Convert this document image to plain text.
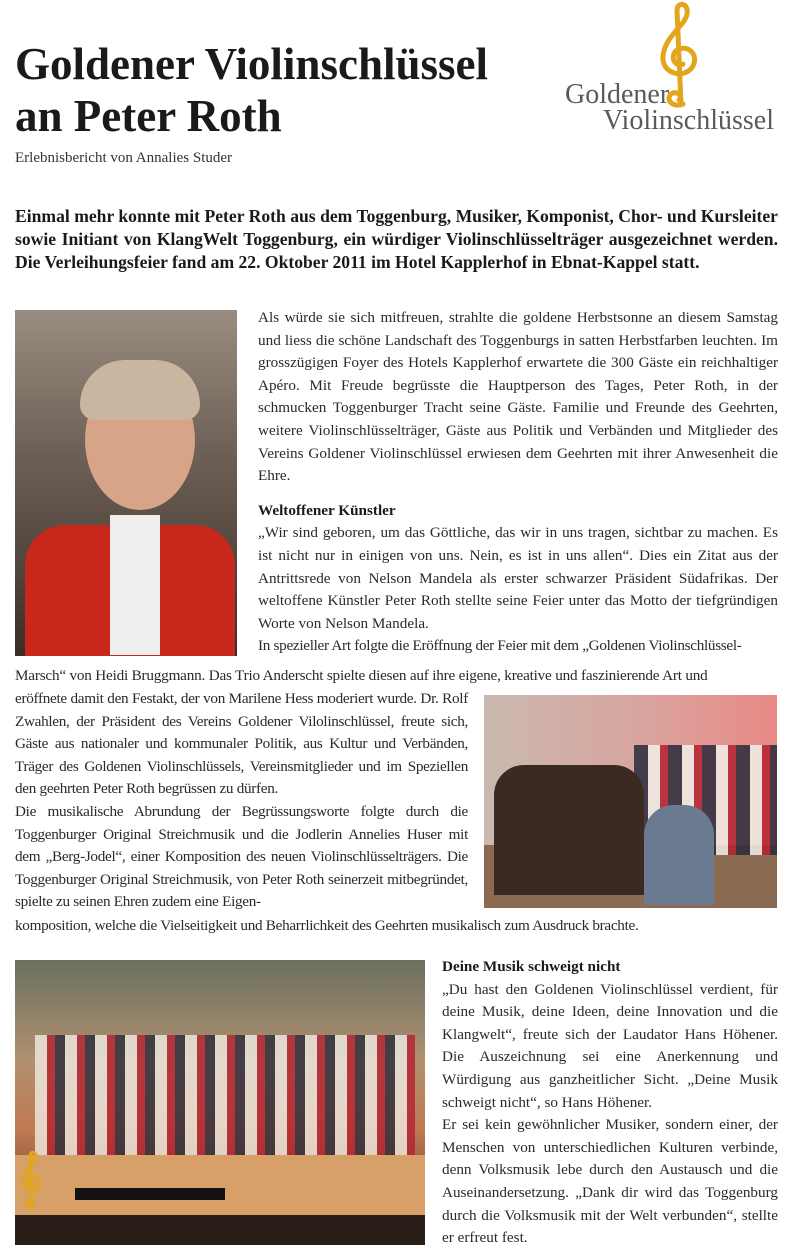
Goldener Violinschlüssel
an Peter Roth	Goldener
Violinschlüssel
Erlebnisbericht von Annalies Studer

Einmal mehr konnte mit Peter Roth aus dem Toggenburg, Musiker, Komponist, Chor- und Kursleiter sowie Initiant von KlangWelt Toggenburg, ein würdiger Violinschlüsselträger ausgezeichnet werden. Die Verleihungsfeier fand am 22. Oktober 2011 im Hotel Kapplerhof in Ebnat-Kappel statt.

Als würde sie sich mitfreuen, strahlte die goldene Herbstsonne an diesem Samstag und liess die schöne Landschaft des Toggenburgs in satten Herbstfarben leuchten. Im grosszügigen Foyer des Hotels Kapplerhof erwartete die 300 Gäste ein reichhaltiger Apéro. Mit Freude begrüsste die Hauptperson des Tages, Peter Roth, in der schmucken Toggenburger Tracht seine Gäste. Familie und Freunde des Geehrten, weitere Violinschlüsselträger, Gäste aus Politik und Verbänden und Mitglieder des Vereins Goldener Violinschlüssel erwiesen dem Geehrten mit ihrer Anwesenheit die Ehre.

Weltoffener Künstler

„Wir sind geboren, um das Göttliche, das wir in uns tragen, sichtbar zu machen. Es ist nicht nur in einigen von uns. Nein, es ist in uns allen“. Dies ein Zitat aus der Antrittsrede von Nelson Mandela als erster schwarzer Präsident Südafrikas. Der weltoffene Künstler Peter Roth stellte seine Feier unter das Motto der tiefgründigen Worte von Nelson Mandela.

In spezieller Art folgte die Eröffnung der Feier mit dem „Goldenen Violinschlüssel-

Marsch“ von Heidi Bruggmann. Das Trio Anderscht spielte diesen auf ihre eigene, kreative und faszinierende Art und

eröffnete damit den Festakt, der von Marilene Hess moderiert wurde. Dr. Rolf Zwahlen, der Präsident des Vereins Goldener Vilolinschlüssel, freute sich, Gäste aus nationaler und kommunaler Politik, aus Kultur und Verbänden, Träger des Goldenen Violinschlüssels, Vereinsmitglieder und im Speziellen den geehrten Peter Roth begrüssen zu dürfen.

Die musikalische Abrundung der Begrüssungsworte folgte durch die Toggenburger Original Streichmusik und die Jodlerin Annelies Huser mit dem „Berg-Jodel“, einer Komposition des neuen Violinschlüsselträgers. Die Toggenburger Original Streichmusik, von Peter Roth seinerzeit mitbegründet, spielte zu seinen Ehren zudem eine Eigen-

komposition, welche die Vielseitigkeit und Beharrlichkeit des Geehrten musikalisch zum Ausdruck brachte.

Deine Musik schweigt nicht

„Du hast den Goldenen Violinschlüssel verdient, für deine Musik, deine Ideen, deine Innovation und die Klangwelt“, freute sich der Laudator Hans Höhener. Die Auszeichnung sei eine Anerkennung und Würdigung aus ganzheitlicher Sicht. „Deine Musik schweigt nicht“, so Hans Höhener.

Er sei kein gewöhnlicher Musiker, sondern einer, der Menschen von unterschiedlichen Kulturen verbinde, denn Volksmusik lebe durch den Austausch und die Auseinandersetzung. „Dank dir wird das Toggenburg durch die Volksmusik mit der Welt verbunden“, stellte er erfreut fest.
